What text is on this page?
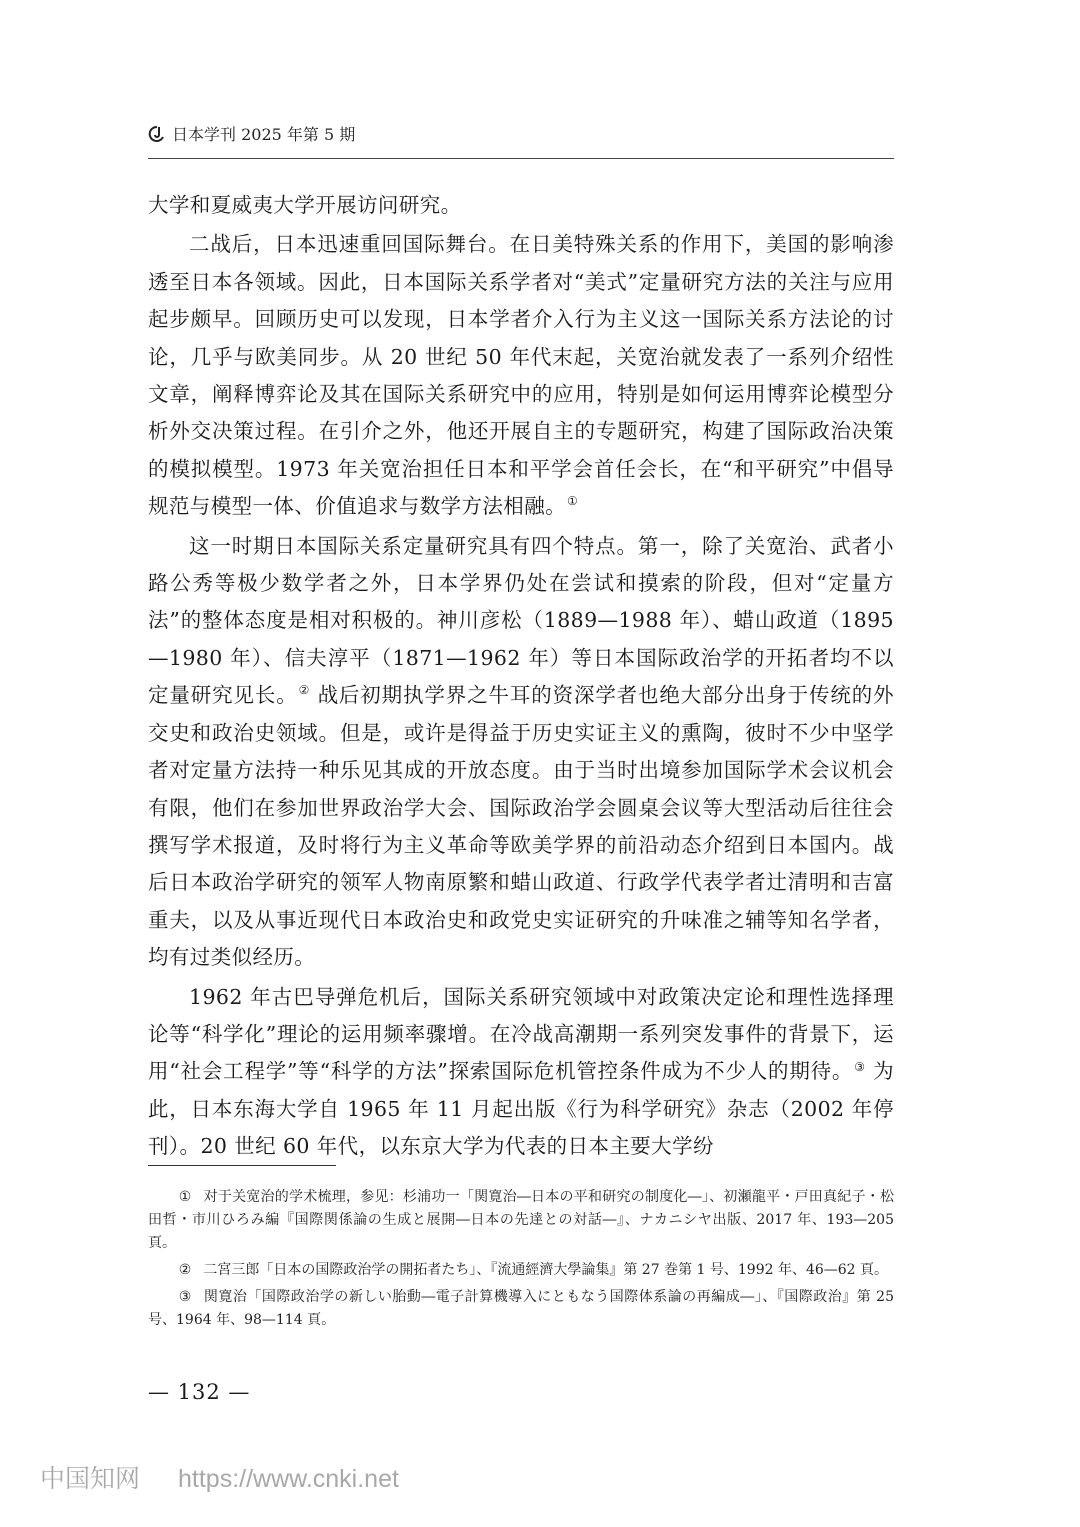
日本学刊 2025 年第 5 期

大学和夏威夷大学开展访问研究。

二战后，日本迅速重回国际舞台。在日美特殊关系的作用下，美国的影响渗透至日本各领域。因此，日本国际关系学者对“美式”定量研究方法的关注与应用起步颇早。回顾历史可以发现，日本学者介入行为主义这一国际关系方法论的讨论，几乎与欧美同步。从 20 世纪 50 年代末起，关宽治就发表了一系列介绍性文章，阐释博弈论及其在国际关系研究中的应用，特别是如何运用博弈论模型分析外交决策过程。在引介之外，他还开展自主的专题研究，构建了国际政治决策的模拟模型。1973 年关宽治担任日本和平学会首任会长，在“和平研究”中倡导规范与模型一体、价值追求与数学方法相融。①

这一时期日本国际关系定量研究具有四个特点。第一，除了关宽治、武者小路公秀等极少数学者之外，日本学界仍处在尝试和摸索的阶段，但对“定量方法”的整体态度是相对积极的。神川彦松（1889—1988 年）、蜡山政道（1895—1980 年）、信夫淳平（1871—1962 年）等日本国际政治学的开拓者均不以定量研究见长。② 战后初期执学界之牛耳的资深学者也绝大部分出身于传统的外交史和政治史领域。但是，或许是得益于历史实证主义的熏陶，彼时不少中坚学者对定量方法持一种乐见其成的开放态度。由于当时出境参加国际学术会议机会有限，他们在参加世界政治学大会、国际政治学会圆桌会议等大型活动后往往会撰写学术报道，及时将行为主义革命等欧美学界的前沿动态介绍到日本国内。战后日本政治学研究的领军人物南原繁和蜡山政道、行政学代表学者辻清明和吉富重夫，以及从事近现代日本政治史和政党史实证研究的升味准之辅等知名学者，均有过类似经历。

1962 年古巴导弹危机后，国际关系研究领域中对政策决定论和理性选择理论等“科学化”理论的运用频率骤增。在冷战高潮期一系列突发事件的背景下，运用“社会工程学”等“科学的方法”探索国际危机管控条件成为不少人的期待。③ 为此，日本东海大学自 1965 年 11 月起出版《行为科学研究》杂志（2002 年停刊）。20 世纪 60 年代，以东京大学为代表的日本主要大学纷

① 对于关宽治的学术梳理，参见：杉浦功一「関寛治―日本の平和研究の制度化―」、初瀬龍平・戸田真紀子・松田哲・市川ひろみ編『国際関係論の生成と展開―日本の先達との対話―』、ナカニシヤ出版、2017 年、193—205 頁。

② 二宮三郎「日本の国際政治学の開拓者たち」、『流通經濟大學論集』第 27 巻第 1 号、1992 年、46—62 頁。

③ 関寛治「国際政治学の新しい胎動―電子計算機導入にともなう国際体系論の再編成―」、『国際政治』第 25 号、1964 年、98—114 頁。

— 132 —
中国知网 https://www.cnki.net
